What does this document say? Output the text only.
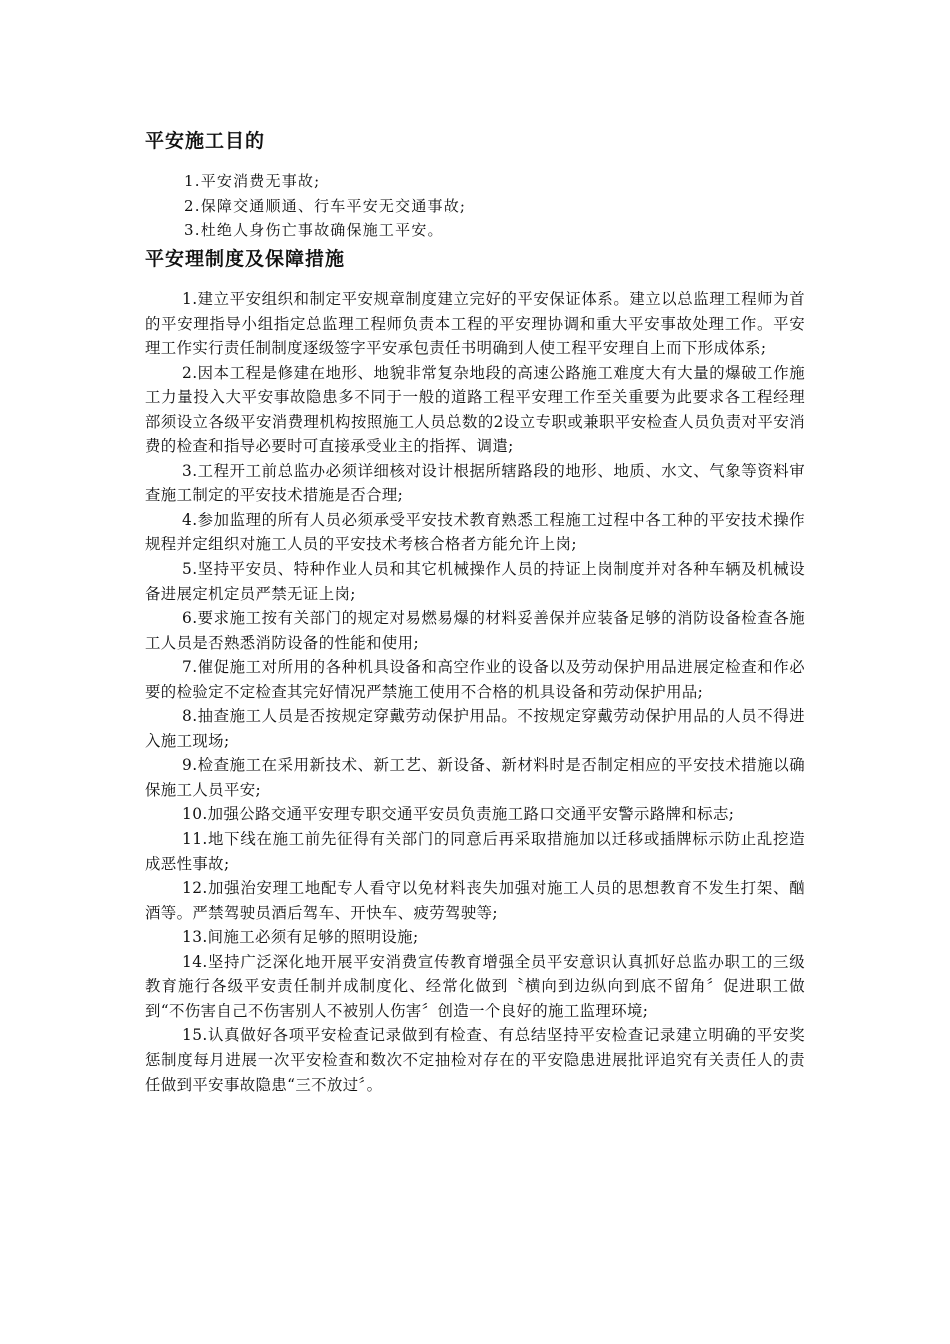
平安施工目的
1.平安消费无事故;
2.保障交通顺通、行车平安无交通事故;
3.杜绝人身伤亡事故确保施工平安。
平安理制度及保障措施

1.建立平安组织和制定平安规章制度建立完好的平安保证体系。建立以总监理工程师为首的平安理指导小组指定总监理工程师负责本工程的平安理协调和重大平安事故处理工作。平安理工作实行责任制制度逐级签字平安承包责任书明确到人使工程平安理自上而下形成体系;

2.因本工程是修建在地形、地貌非常复杂地段的高速公路施工难度大有大量的爆破工作施工力量投入大平安事故隐患多不同于一般的道路工程平安理工作至关重要为此要求各工程经理部须设立各级平安消费理机构按照施工人员总数的2设立专职或兼职平安检查人员负责对平安消费的检查和指导必要时可直接承受业主的指挥、调遣;

3.工程开工前总监办必须详细核对设计根据所辖路段的地形、地质、水文、气象等资料审查施工制定的平安技术措施是否合理;

4.参加监理的所有人员必须承受平安技术教育熟悉工程施工过程中各工种的平安技术操作规程并定组织对施工人员的平安技术考核合格者方能允许上岗;

5.坚持平安员、特种作业人员和其它机械操作人员的持证上岗制度并对各种车辆及机械设备进展定机定员严禁无证上岗;

6.要求施工按有关部门的规定对易燃易爆的材料妥善保并应装备足够的消防设备检查各施工人员是否熟悉消防设备的性能和使用;

7.催促施工对所用的各种机具设备和高空作业的设备以及劳动保护用品进展定检查和作必要的检验定不定检查其完好情况严禁施工使用不合格的机具设备和劳动保护用品;

8.抽查施工人员是否按规定穿戴劳动保护用品。不按规定穿戴劳动保护用品的人员不得进入施工现场;

9.检查施工在采用新技术、新工艺、新设备、新材料时是否制定相应的平安技术措施以确保施工人员平安;

10.加强公路交通平安理专职交通平安员负责施工路口交通平安警示路牌和标志;

11.地下线在施工前先征得有关部门的同意后再采取措施加以迁移或插牌标示防止乱挖造成恶性事故;

12.加强治安理工地配专人看守以免材料丧失加强对施工人员的思想教育不发生打架、酗酒等。严禁驾驶员酒后驾车、开快车、疲劳驾驶等;

13.间施工必须有足够的照明设施;

14.坚持广泛深化地开展平安消费宣传教育增强全员平安意识认真抓好总监办职工的三级教育施行各级平安责任制并成制度化、经常化做到〝横向到边纵向到底不留角〞促进职工做到“不伤害自己不伤害别人不被别人伤害〞创造一个良好的施工监理环境;

15.认真做好各项平安检查记录做到有检查、有总结坚持平安检查记录建立明确的平安奖惩制度每月进展一次平安检查和数次不定抽检对存在的平安隐患进展批评追究有关责任人的责任做到平安事故隐患“三不放过〞。
